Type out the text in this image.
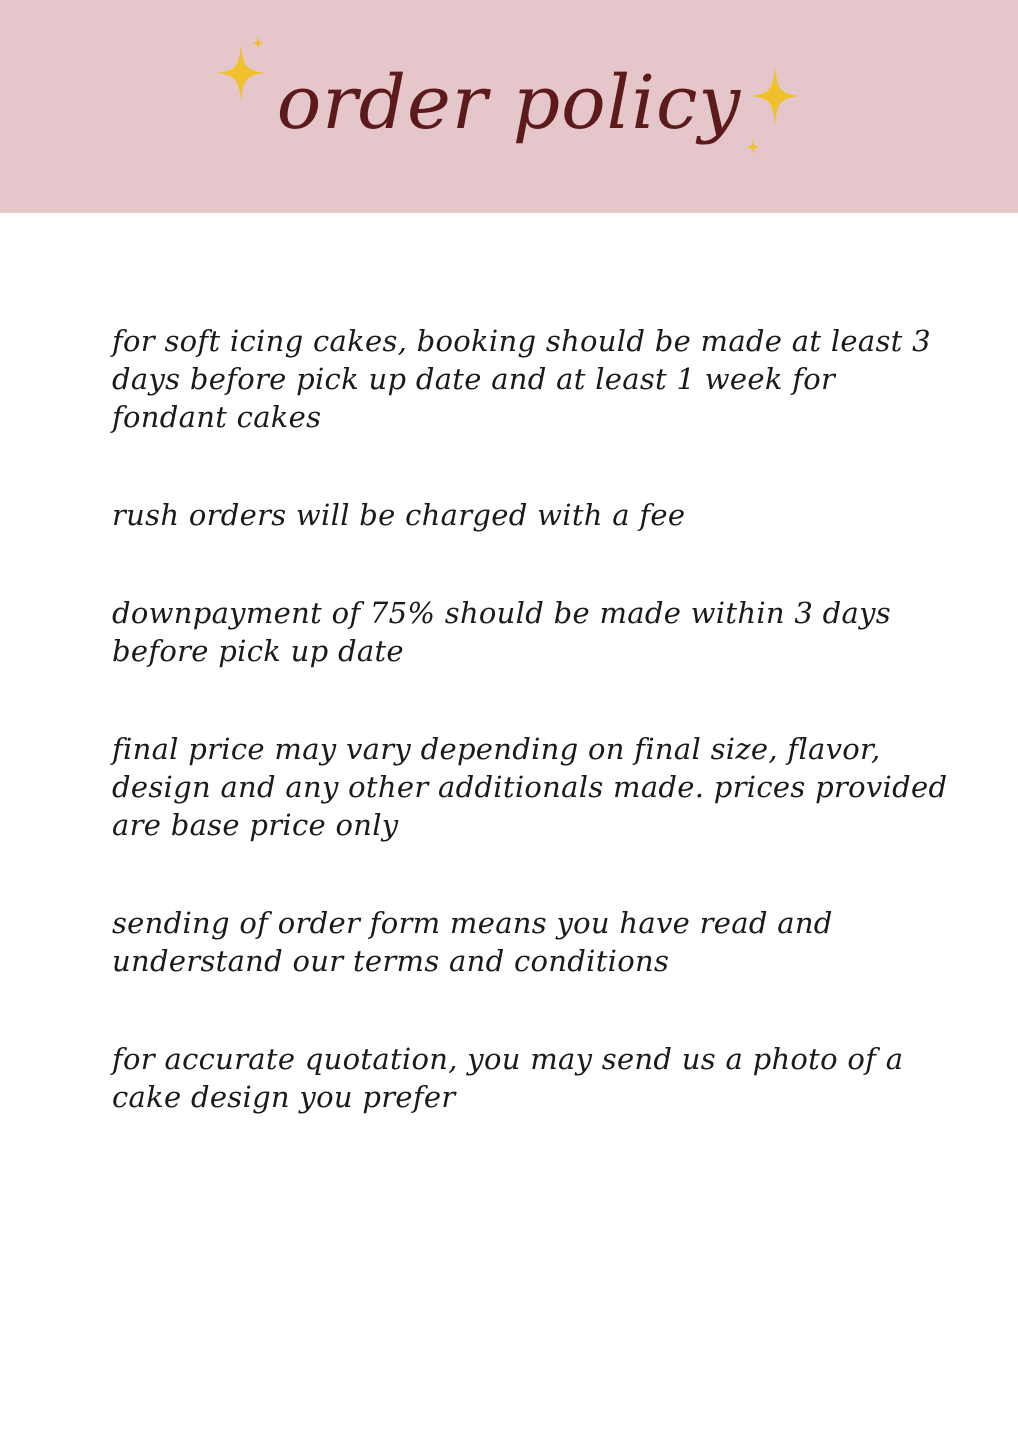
order policy
for soft icing cakes, booking should be made at least 3 days before pick up date and at least 1 week for fondant cakes
rush orders will be charged with a fee
downpayment of 75% should be made within 3 days before pick up date
final price may vary depending on final size, flavor, design and any other additionals made. prices provided are base price only
sending of order form means you have read and understand our terms and conditions
for accurate quotation, you may send us a photo of a cake design you prefer
